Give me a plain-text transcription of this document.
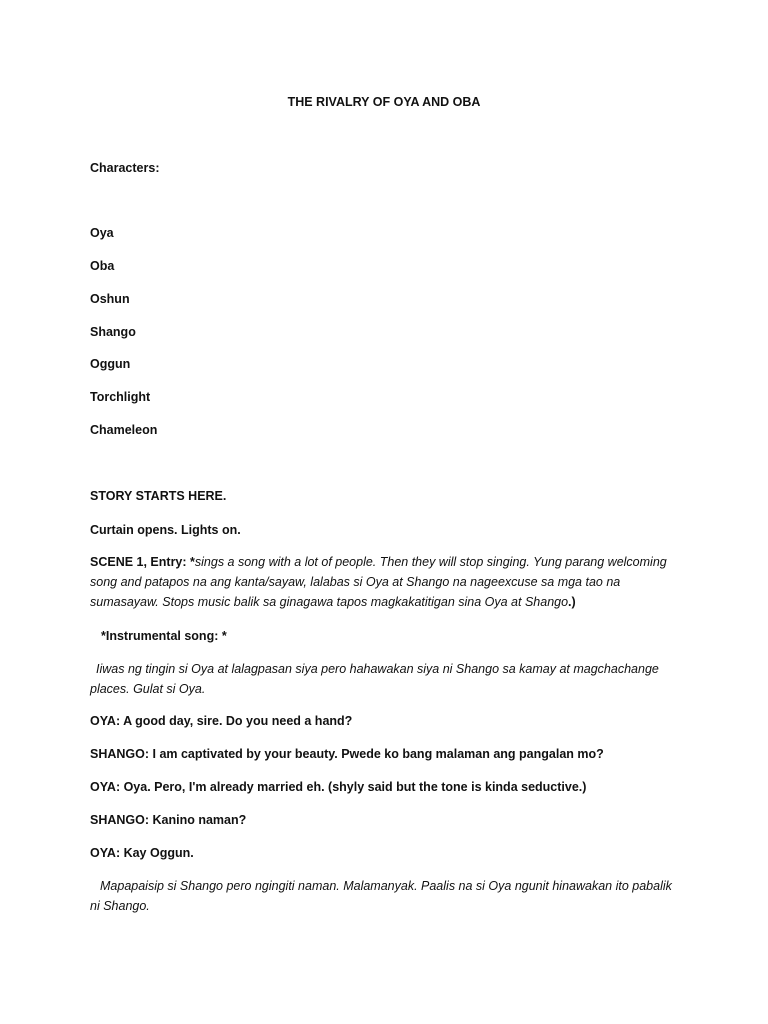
THE RIVALRY OF OYA AND OBA
Characters:
Oya
Oba
Oshun
Shango
Oggun
Torchlight
Chameleon
STORY STARTS HERE.
Curtain opens. Lights on.
SCENE 1, Entry: *sings a song with a lot of people. Then they will stop singing. Yung parang welcoming song and patapos na ang kanta/sayaw, lalabas si Oya at Shango na nageexcuse sa mga tao na sumasayaw. Stops music balik sa ginagawa tapos magkakatitigan sina Oya at Shango.)
*Instrumental song: *
Iiwas ng tingin si Oya at lalagpasan siya pero hahawakan siya ni Shango sa kamay at magchachange places. Gulat si Oya.
OYA: A good day, sire. Do you need a hand?
SHANGO: I am captivated by your beauty. Pwede ko bang malaman ang pangalan mo?
OYA: Oya. Pero, I'm already married eh. (shyly said but the tone is kinda seductive.)
SHANGO: Kanino naman?
OYA: Kay Oggun.
Mapapaisip si Shango pero ngingiti naman. Malamanyak. Paalis na si Oya ngunit hinawakan ito pabalik ni Shango.
